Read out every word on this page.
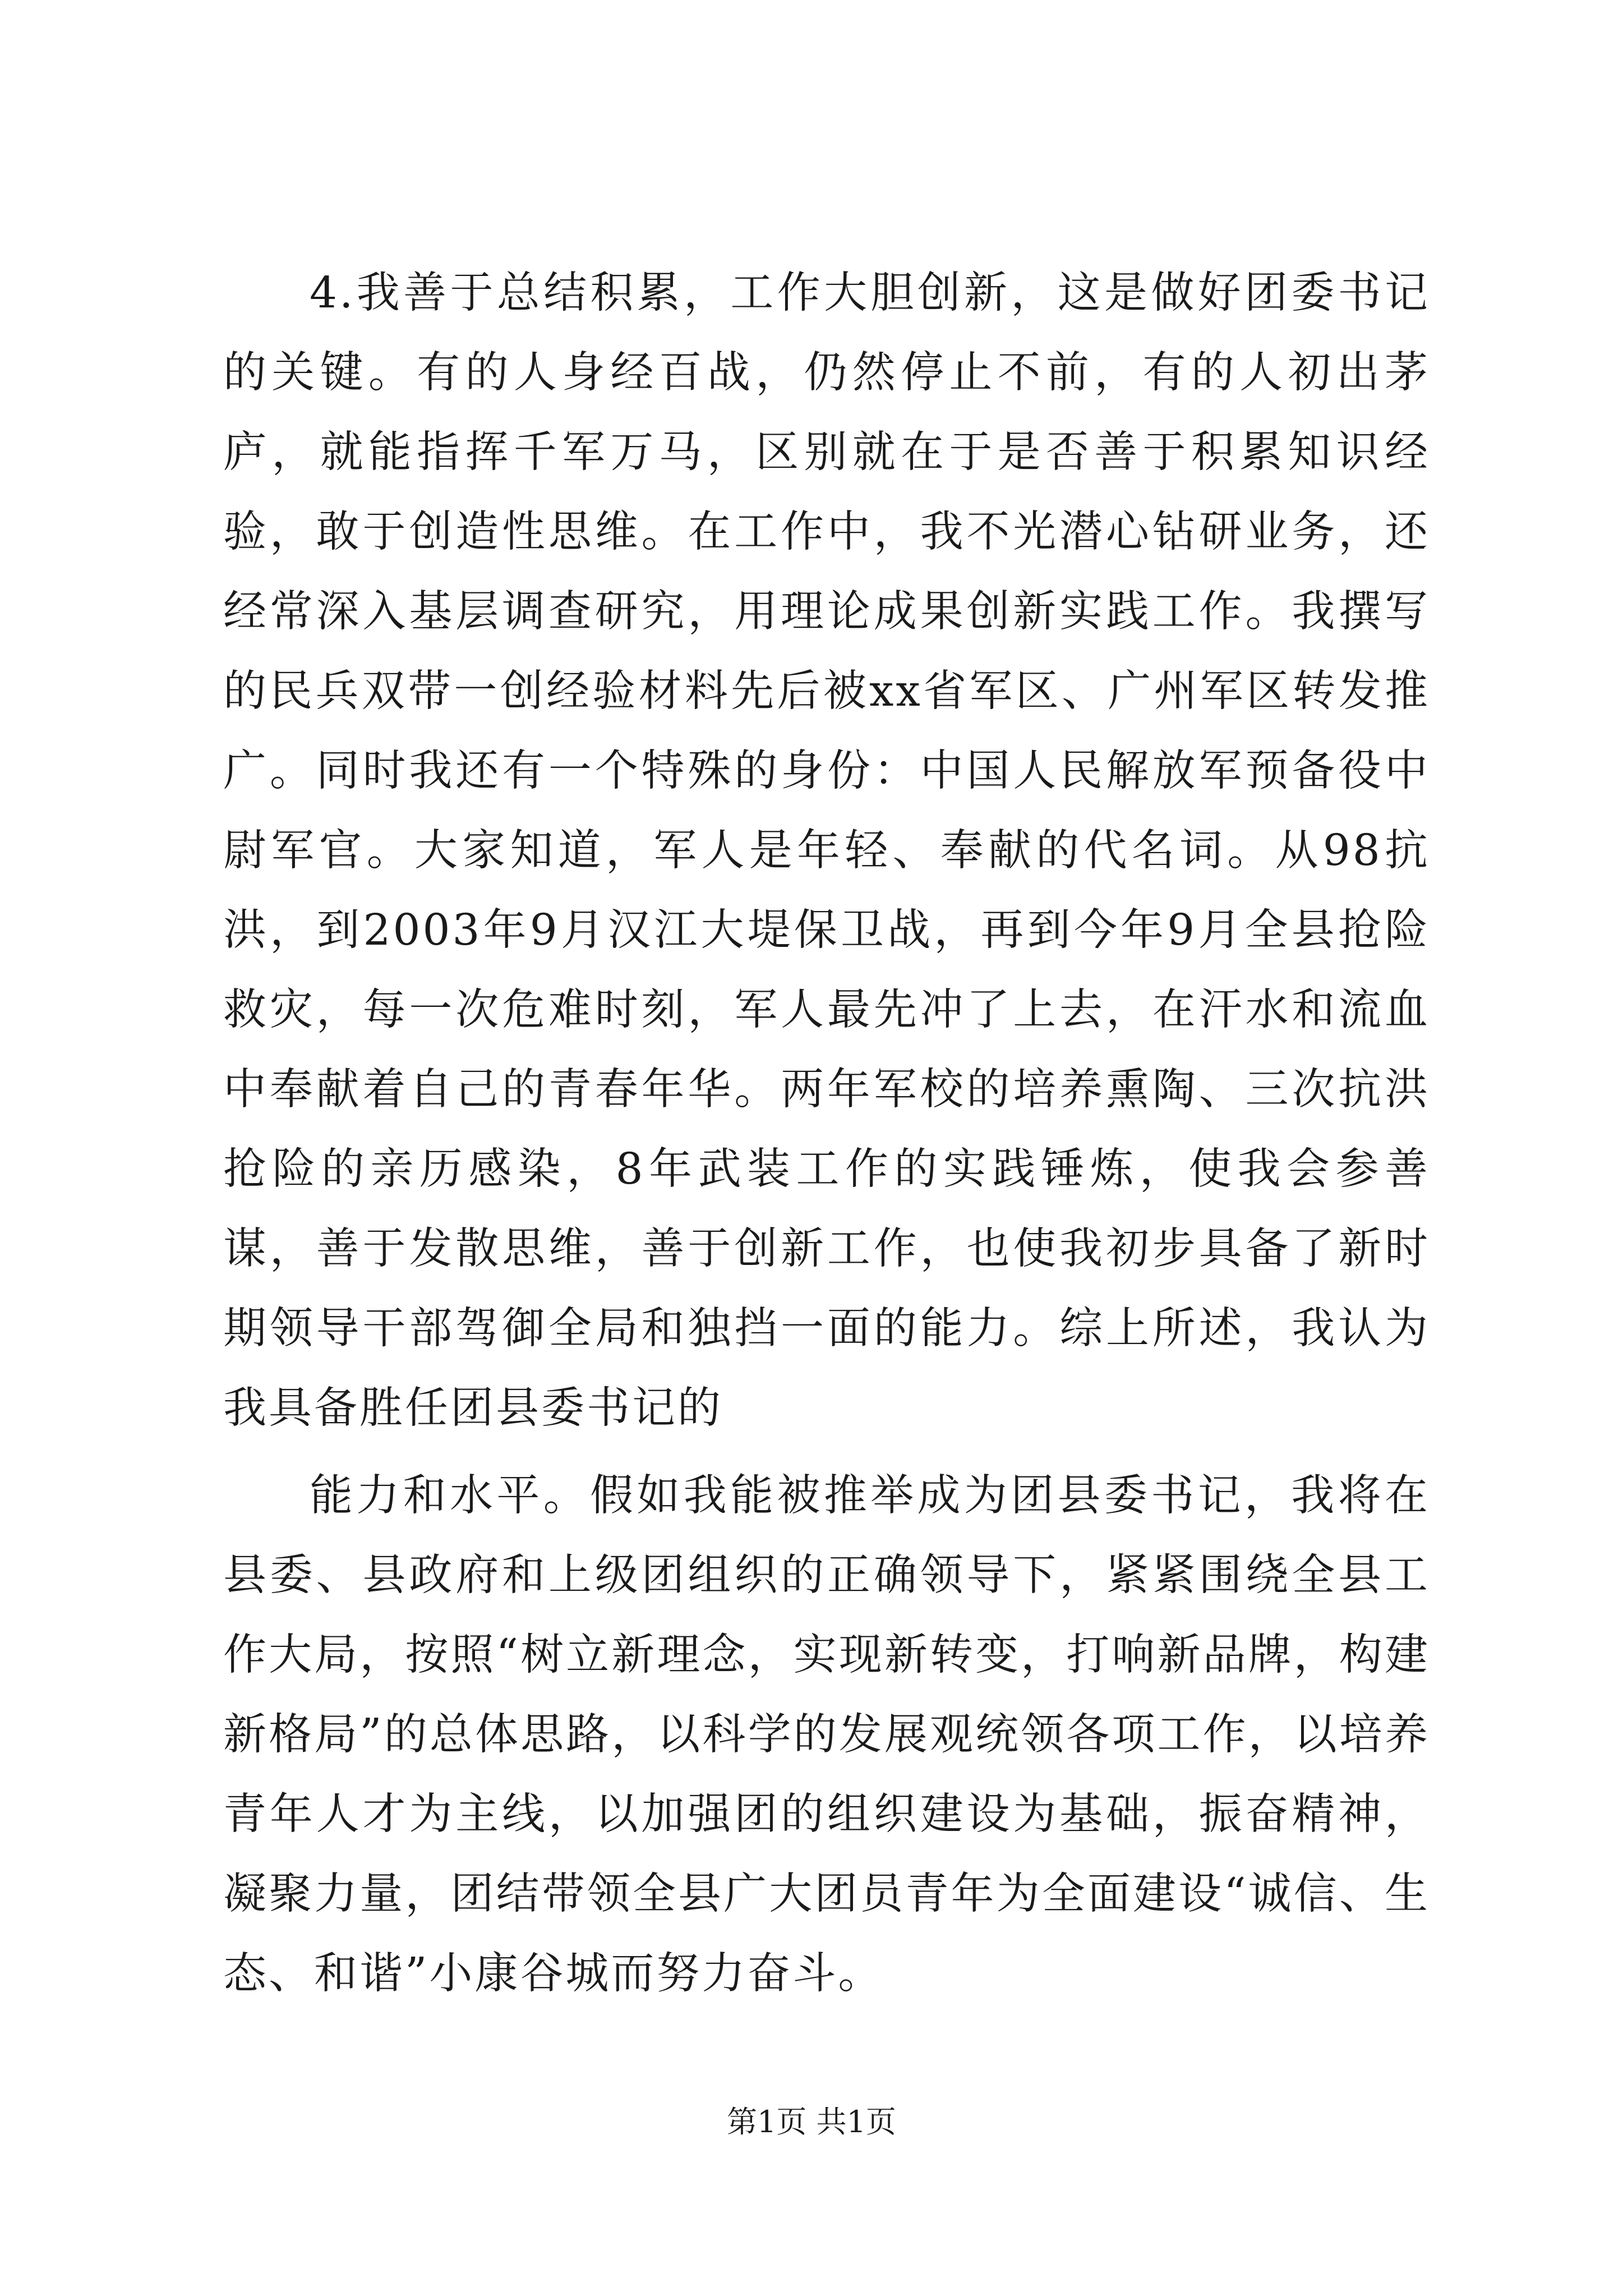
4.我善于总结积累，工作大胆创新，这是做好团委书记的关键。有的人身经百战，仍然停止不前，有的人初出茅庐，就能指挥千军万马，区别就在于是否善于积累知识经验，敢于创造性思维。在工作中，我不光潜心钻研业务，还经常深入基层调查研究，用理论成果创新实践工作。我撰写的民兵双带一创经验材料先后被xx省军区、广州军区转发推广。同时我还有一个特殊的身份：中国人民解放军预备役中尉军官。大家知道，军人是年轻、奉献的代名词。从98抗洪，到2003年9月汉江大堤保卫战，再到今年9月全县抢险救灾，每一次危难时刻，军人最先冲了上去，在汗水和流血中奉献着自己的青春年华。两年军校的培养熏陶、三次抗洪抢险的亲历感染，8年武装工作的实践锤炼，使我会参善谋，善于发散思维，善于创新工作，也使我初步具备了新时期领导干部驾御全局和独挡一面的能力。综上所述，我认为我具备胜任团县委书记的

能力和水平。假如我能被推举成为团县委书记，我将在县委、县政府和上级团组织的正确领导下，紧紧围绕全县工作大局，按照“树立新理念，实现新转变，打响新品牌，构建新格局”的总体思路，以科学的发展观统领各项工作，以培养青年人才为主线，以加强团的组织建设为基础，振奋精神，凝聚力量，团结带领全县广大团员青年为全面建设“诚信、生态、和谐”小康谷城而努力奋斗。

第1页 共1页
